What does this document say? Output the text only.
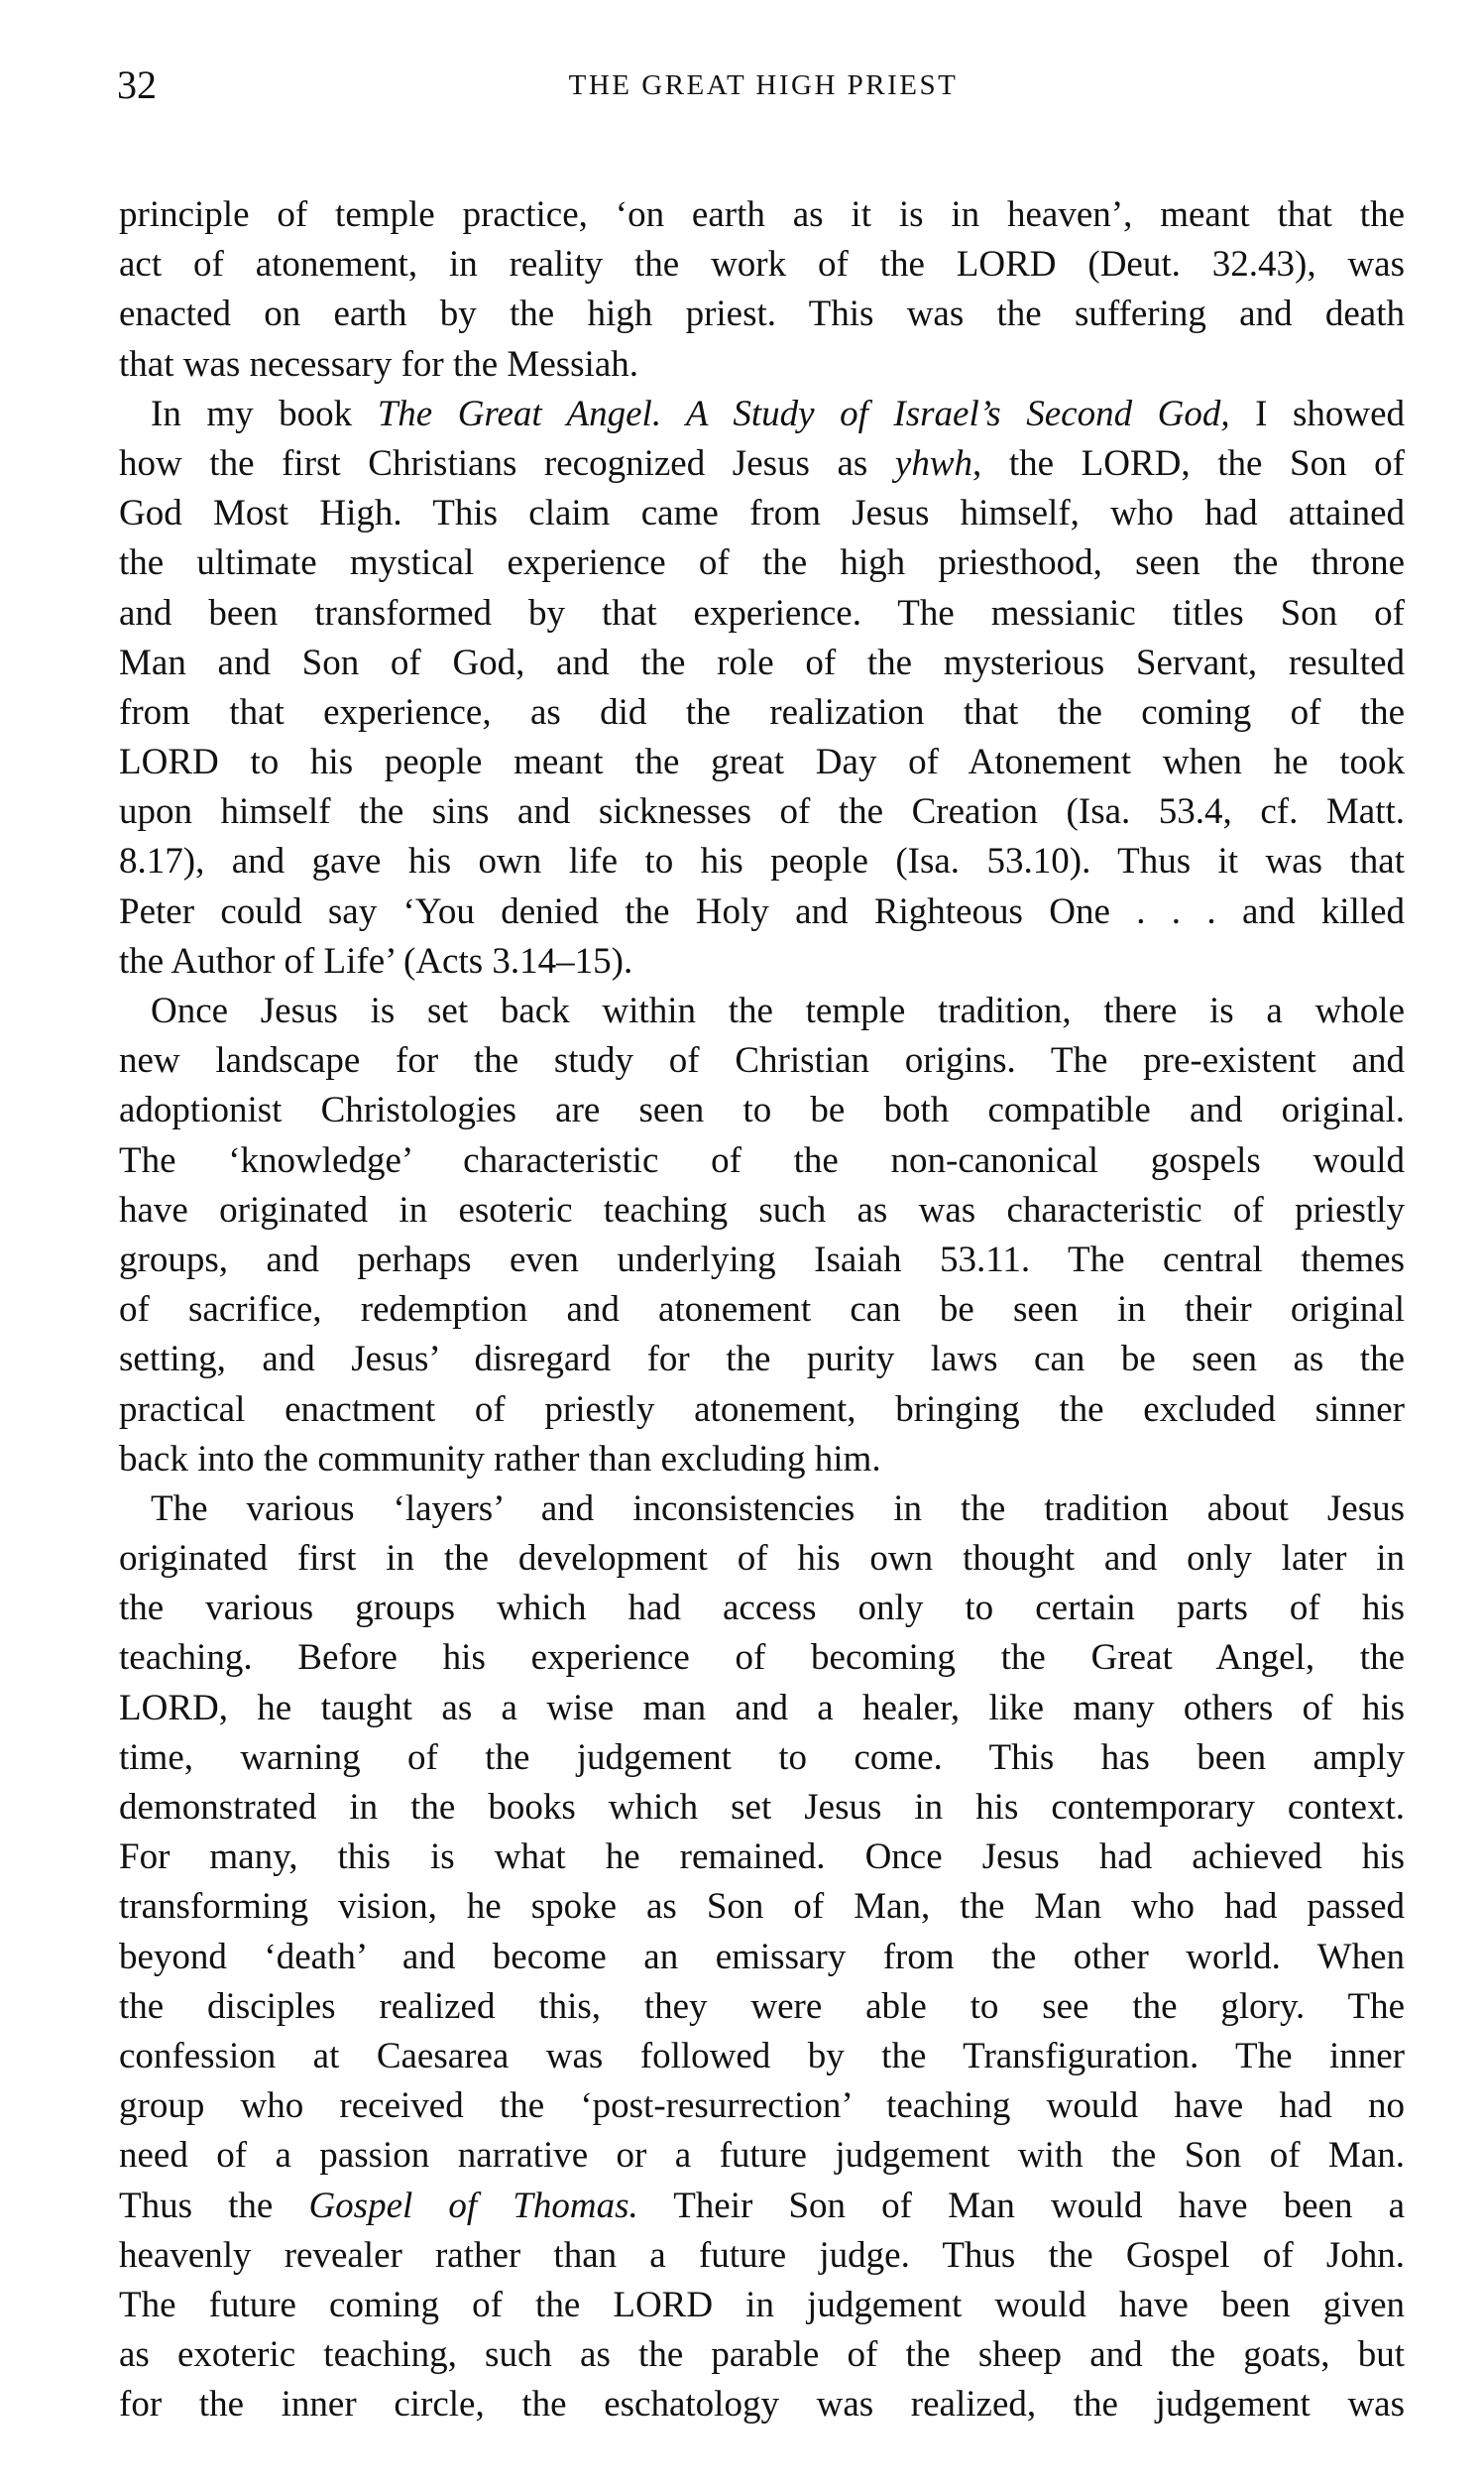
32	THE GREAT HIGH PRIEST
principle of temple practice, ‘on earth as it is in heaven’, meant that the
act of atonement, in reality the work of the LORD (Deut. 32.43), was
enacted on earth by the high priest. This was the suffering and death
that was necessary for the Messiah.
In my book The Great Angel. A Study of Israel’s Second God, I showed
how the first Christians recognized Jesus as yhwh, the LORD, the Son of
God Most High. This claim came from Jesus himself, who had attained
the ultimate mystical experience of the high priesthood, seen the throne
and been transformed by that experience. The messianic titles Son of
Man and Son of God, and the role of the mysterious Servant, resulted
from that experience, as did the realization that the coming of the
LORD to his people meant the great Day of Atonement when he took
upon himself the sins and sicknesses of the Creation (Isa. 53.4, cf. Matt.
8.17), and gave his own life to his people (Isa. 53.10). Thus it was that
Peter could say ‘You denied the Holy and Righteous One . . . and killed
the Author of Life’ (Acts 3.14–15).
Once Jesus is set back within the temple tradition, there is a whole
new landscape for the study of Christian origins. The pre-existent and
adoptionist Christologies are seen to be both compatible and original.
The ‘knowledge’ characteristic of the non-canonical gospels would
have originated in esoteric teaching such as was characteristic of priestly
groups, and perhaps even underlying Isaiah 53.11. The central themes
of sacrifice, redemption and atonement can be seen in their original
setting, and Jesus’ disregard for the purity laws can be seen as the
practical enactment of priestly atonement, bringing the excluded sinner
back into the community rather than excluding him.
The various ‘layers’ and inconsistencies in the tradition about Jesus
originated first in the development of his own thought and only later in
the various groups which had access only to certain parts of his
teaching. Before his experience of becoming the Great Angel, the
LORD, he taught as a wise man and a healer, like many others of his
time, warning of the judgement to come. This has been amply
demonstrated in the books which set Jesus in his contemporary context.
For many, this is what he remained. Once Jesus had achieved his
transforming vision, he spoke as Son of Man, the Man who had passed
beyond ‘death’ and become an emissary from the other world. When
the disciples realized this, they were able to see the glory. The
confession at Caesarea was followed by the Transfiguration. The inner
group who received the ‘post-resurrection’ teaching would have had no
need of a passion narrative or a future judgement with the Son of Man.
Thus the Gospel of Thomas. Their Son of Man would have been a
heavenly revealer rather than a future judge. Thus the Gospel of John.
The future coming of the LORD in judgement would have been given
as exoteric teaching, such as the parable of the sheep and the goats, but
for the inner circle, the eschatology was realized, the judgement was
